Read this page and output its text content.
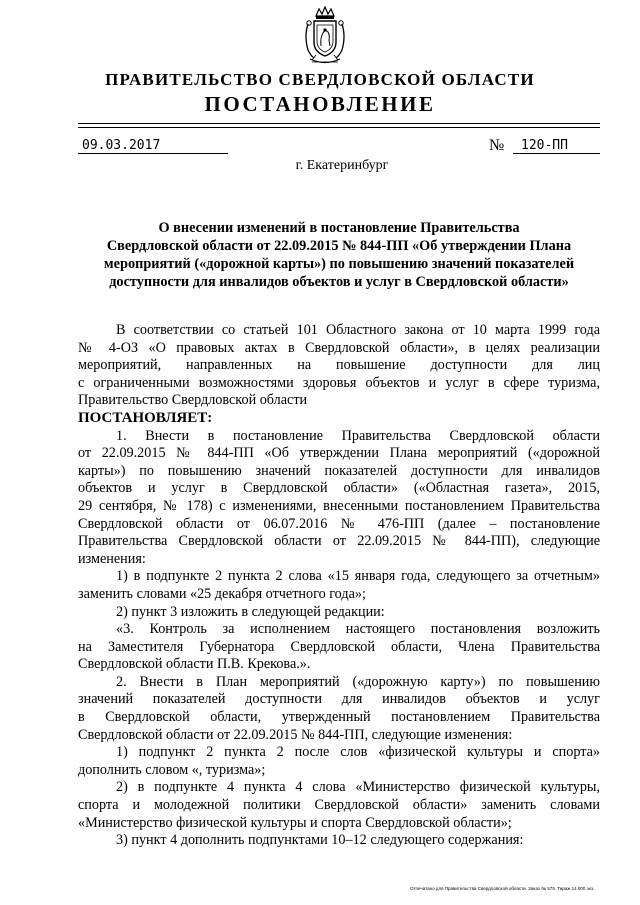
ПРАВИТЕЛЬСТВО СВЕРДЛОВСКОЙ ОБЛАСТИ
ПОСТАНОВЛЕНИЕ
09.03.2017	№	120-ПП
г. Екатеринбург
О внесении изменений в постановление Правительства
Свердловской области от 22.09.2015 № 844-ПП «Об утверждении Плана
мероприятий («дорожной карты») по повышению значений показателей
доступности для инвалидов объектов и услуг в Свердловской области»
В соответствии со статьей 101 Областного закона от 10 марта 1999 года
№ 4-ОЗ «О правовых актах в Свердловской области», в целях реализации
мероприятий, направленных на повышение доступности для лиц
с ограниченными возможностями здоровья объектов и услуг в сфере туризма,
Правительство Свердловской области
ПОСТАНОВЛЯЕТ:
1. Внести в постановление Правительства Свердловской области
от 22.09.2015 № 844-ПП «Об утверждении Плана мероприятий («дорожной
карты») по повышению значений показателей доступности для инвалидов
объектов и услуг в Свердловской области» («Областная газета», 2015,
29 сентября, № 178) с изменениями, внесенными постановлением Правительства
Свердловской области от 06.07.2016 № 476-ПП (далее – постановление
Правительства Свердловской области от 22.09.2015 № 844-ПП), следующие
изменения:
1) в подпункте 2 пункта 2 слова «15 января года, следующего за отчетным»
заменить словами «25 декабря отчетного года»;
2) пункт 3 изложить в следующей редакции:
«3. Контроль за исполнением настоящего постановления возложить
на Заместителя Губернатора Свердловской области, Члена Правительства
Свердловской области П.В. Крекова.».
2. Внести в План мероприятий («дорожную карту») по повышению
значений показателей доступности для инвалидов объектов и услуг
в Свердловской области, утвержденный постановлением Правительства
Свердловской области от 22.09.2015 № 844-ПП, следующие изменения:
1) подпункт 2 пункта 2 после слов «физической культуры и спорта»
дополнить словом «, туризма»;
2) в подпункте 4 пункта 4 слова «Министерство физической культуры,
спорта и молодежной политики Свердловской области» заменить словами
«Министерство физической культуры и спорта Свердловской области»;
3) пункт 4 дополнить подпунктами 10–12 следующего содержания:
Отпечатано для Правительства Свердловской области. Заказ № 575. Тираж 14 000 экз.
